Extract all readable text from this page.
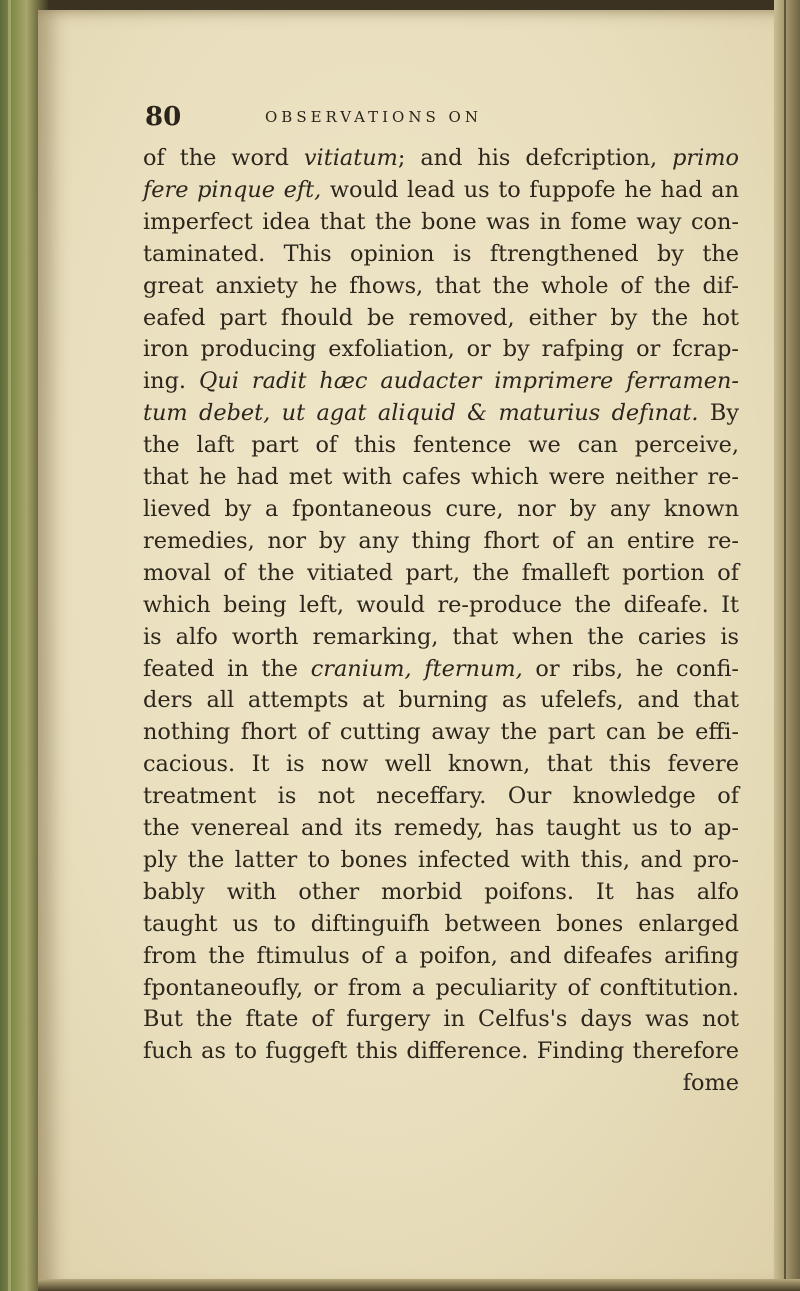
80	OBSERVATIONS ON
of the word vitiatum; and his defcription, primo
fere pinque eft, would lead us to fuppofe he had an
imperfect idea that the bone was in fome way con-
taminated. This opinion is ftrengthened by the
great anxiety he fhows, that the whole of the dif-
eafed part fhould be removed, either by the hot
iron producing exfoliation, or by rafping or fcrap-
ing. Qui radit hæc audacter imprimere ferramen-
tum debet, ut agat aliquid & maturius defınat. By
the laft part of this fentence we can perceive,
that he had met with cafes which were neither re-
lieved by a fpontaneous cure, nor by any known
remedies, nor by any thing fhort of an entire re-
moval of the vitiated part, the fmalleft portion of
which being left, would re-produce the difeafe. It
is alfo worth remarking, that when the caries is
feated in the cranium, fternum, or ribs, he confi-
ders all attempts at burning as ufelefs, and that
nothing fhort of cutting away the part can be effi-
cacious. It is now well known, that this fevere
treatment is not neceffary. Our knowledge of
the venereal and its remedy, has taught us to ap-
ply the latter to bones infected with this, and pro-
bably with other morbid poifons. It has alfo
taught us to diftinguifh between bones enlarged
from the ftimulus of a poifon, and difeafes arifing
fpontaneoufly, or from a peculiarity of conftitution.
But the ftate of furgery in Celfus's days was not
fuch as to fuggeft this difference. Finding therefore
fome
